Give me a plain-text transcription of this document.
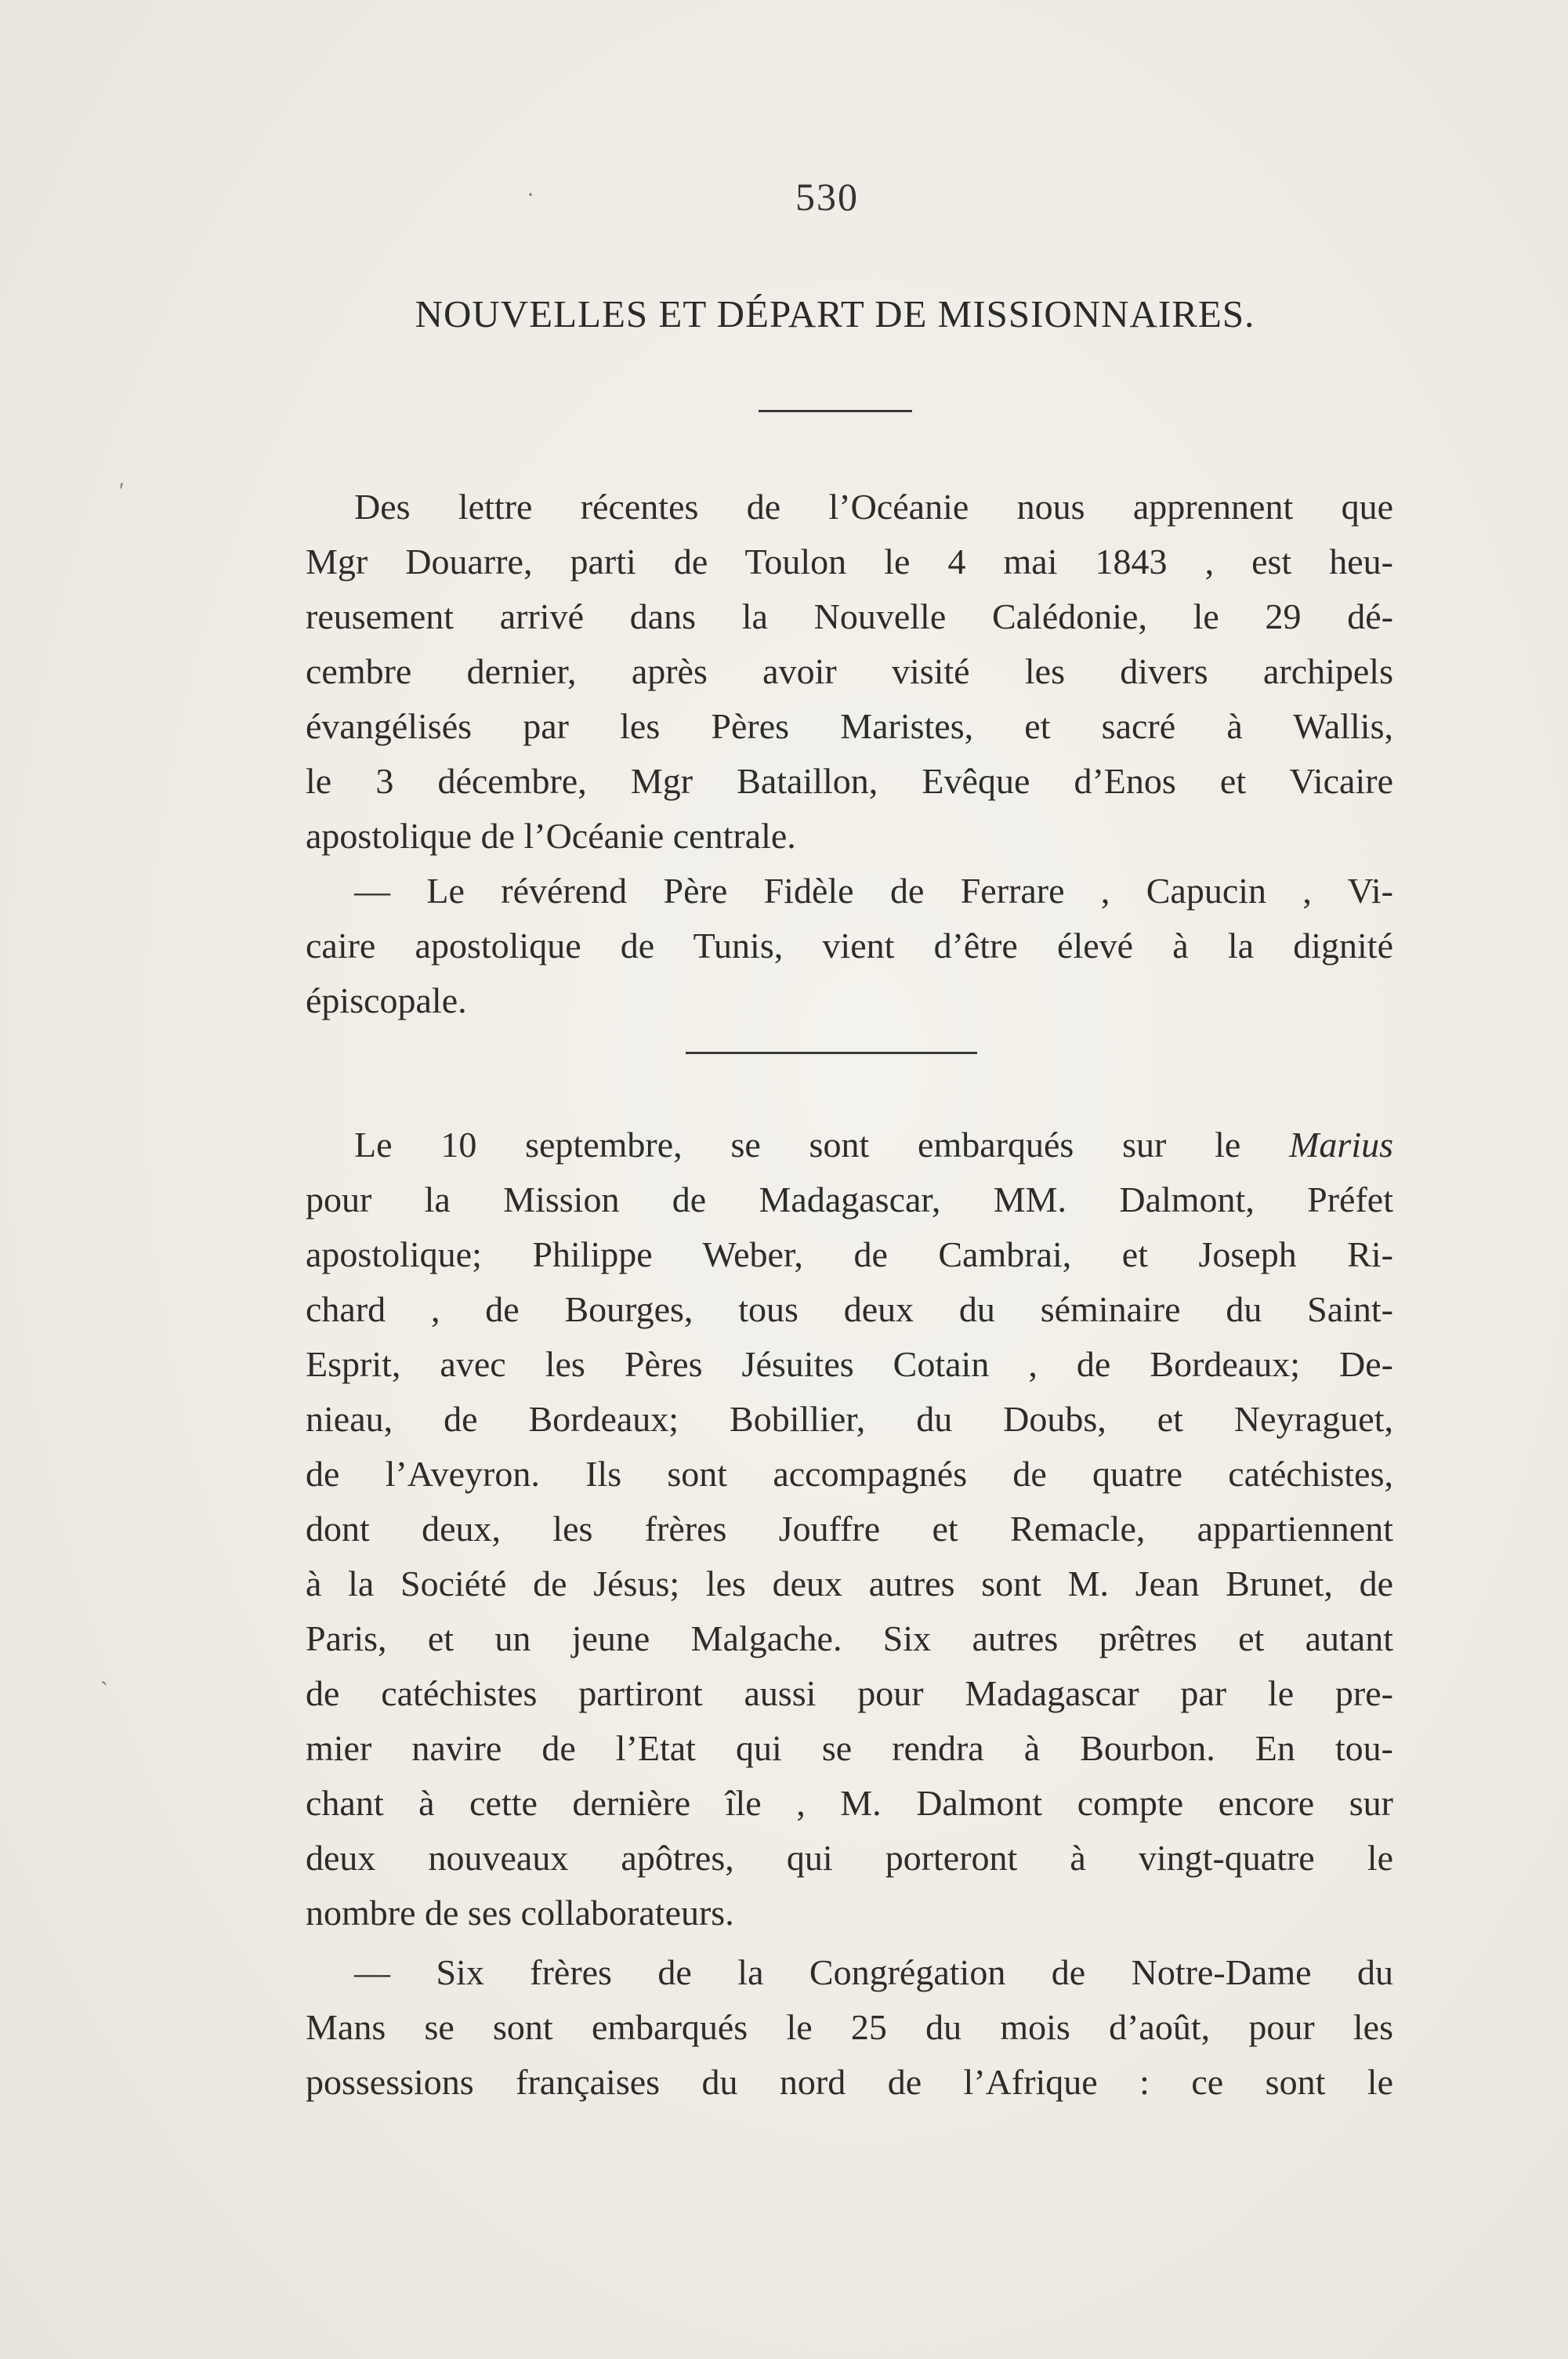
530
NOUVELLES ET DÉPART DE MISSIONNAIRES.
Des lettre récentes de l’Océanie nous apprennent que
Mgr Douarre, parti de Toulon le 4 mai 1843 , est heu-
reusement arrivé dans la Nouvelle Calédonie, le 29 dé-
cembre dernier, après avoir visité les divers archipels
évangélisés par les Pères Maristes, et sacré à Wallis,
le 3 décembre, Mgr Bataillon, Evêque d’Enos et Vicaire
apostolique de l’Océanie centrale.
— Le révérend Père Fidèle de Ferrare , Capucin , Vi-
caire apostolique de Tunis, vient d’être élevé à la dignité
épiscopale.
Le 10 septembre, se sont embarqués sur le Marius
pour la Mission de Madagascar, MM. Dalmont, Préfet
apostolique; Philippe Weber, de Cambrai, et Joseph Ri-
chard , de Bourges, tous deux du séminaire du Saint-
Esprit, avec les Pères Jésuites Cotain , de Bordeaux; De-
nieau, de Bordeaux; Bobillier, du Doubs, et Neyraguet,
de l’Aveyron. Ils sont accompagnés de quatre catéchistes,
dont deux, les frères Jouffre et Remacle, appartiennent
à la Société de Jésus; les deux autres sont M. Jean Brunet, de
Paris, et un jeune Malgache. Six autres prêtres et autant
de catéchistes partiront aussi pour Madagascar par le pre-
mier navire de l’Etat qui se rendra à Bourbon. En tou-
chant à cette dernière île , M. Dalmont compte encore sur
deux nouveaux apôtres, qui porteront à vingt-quatre le
nombre de ses collaborateurs.
— Six frères de la Congrégation de Notre-Dame du
Mans se sont embarqués le 25 du mois d’août, pour les
possessions françaises du nord de l’Afrique : ce sont le
′
`
·
